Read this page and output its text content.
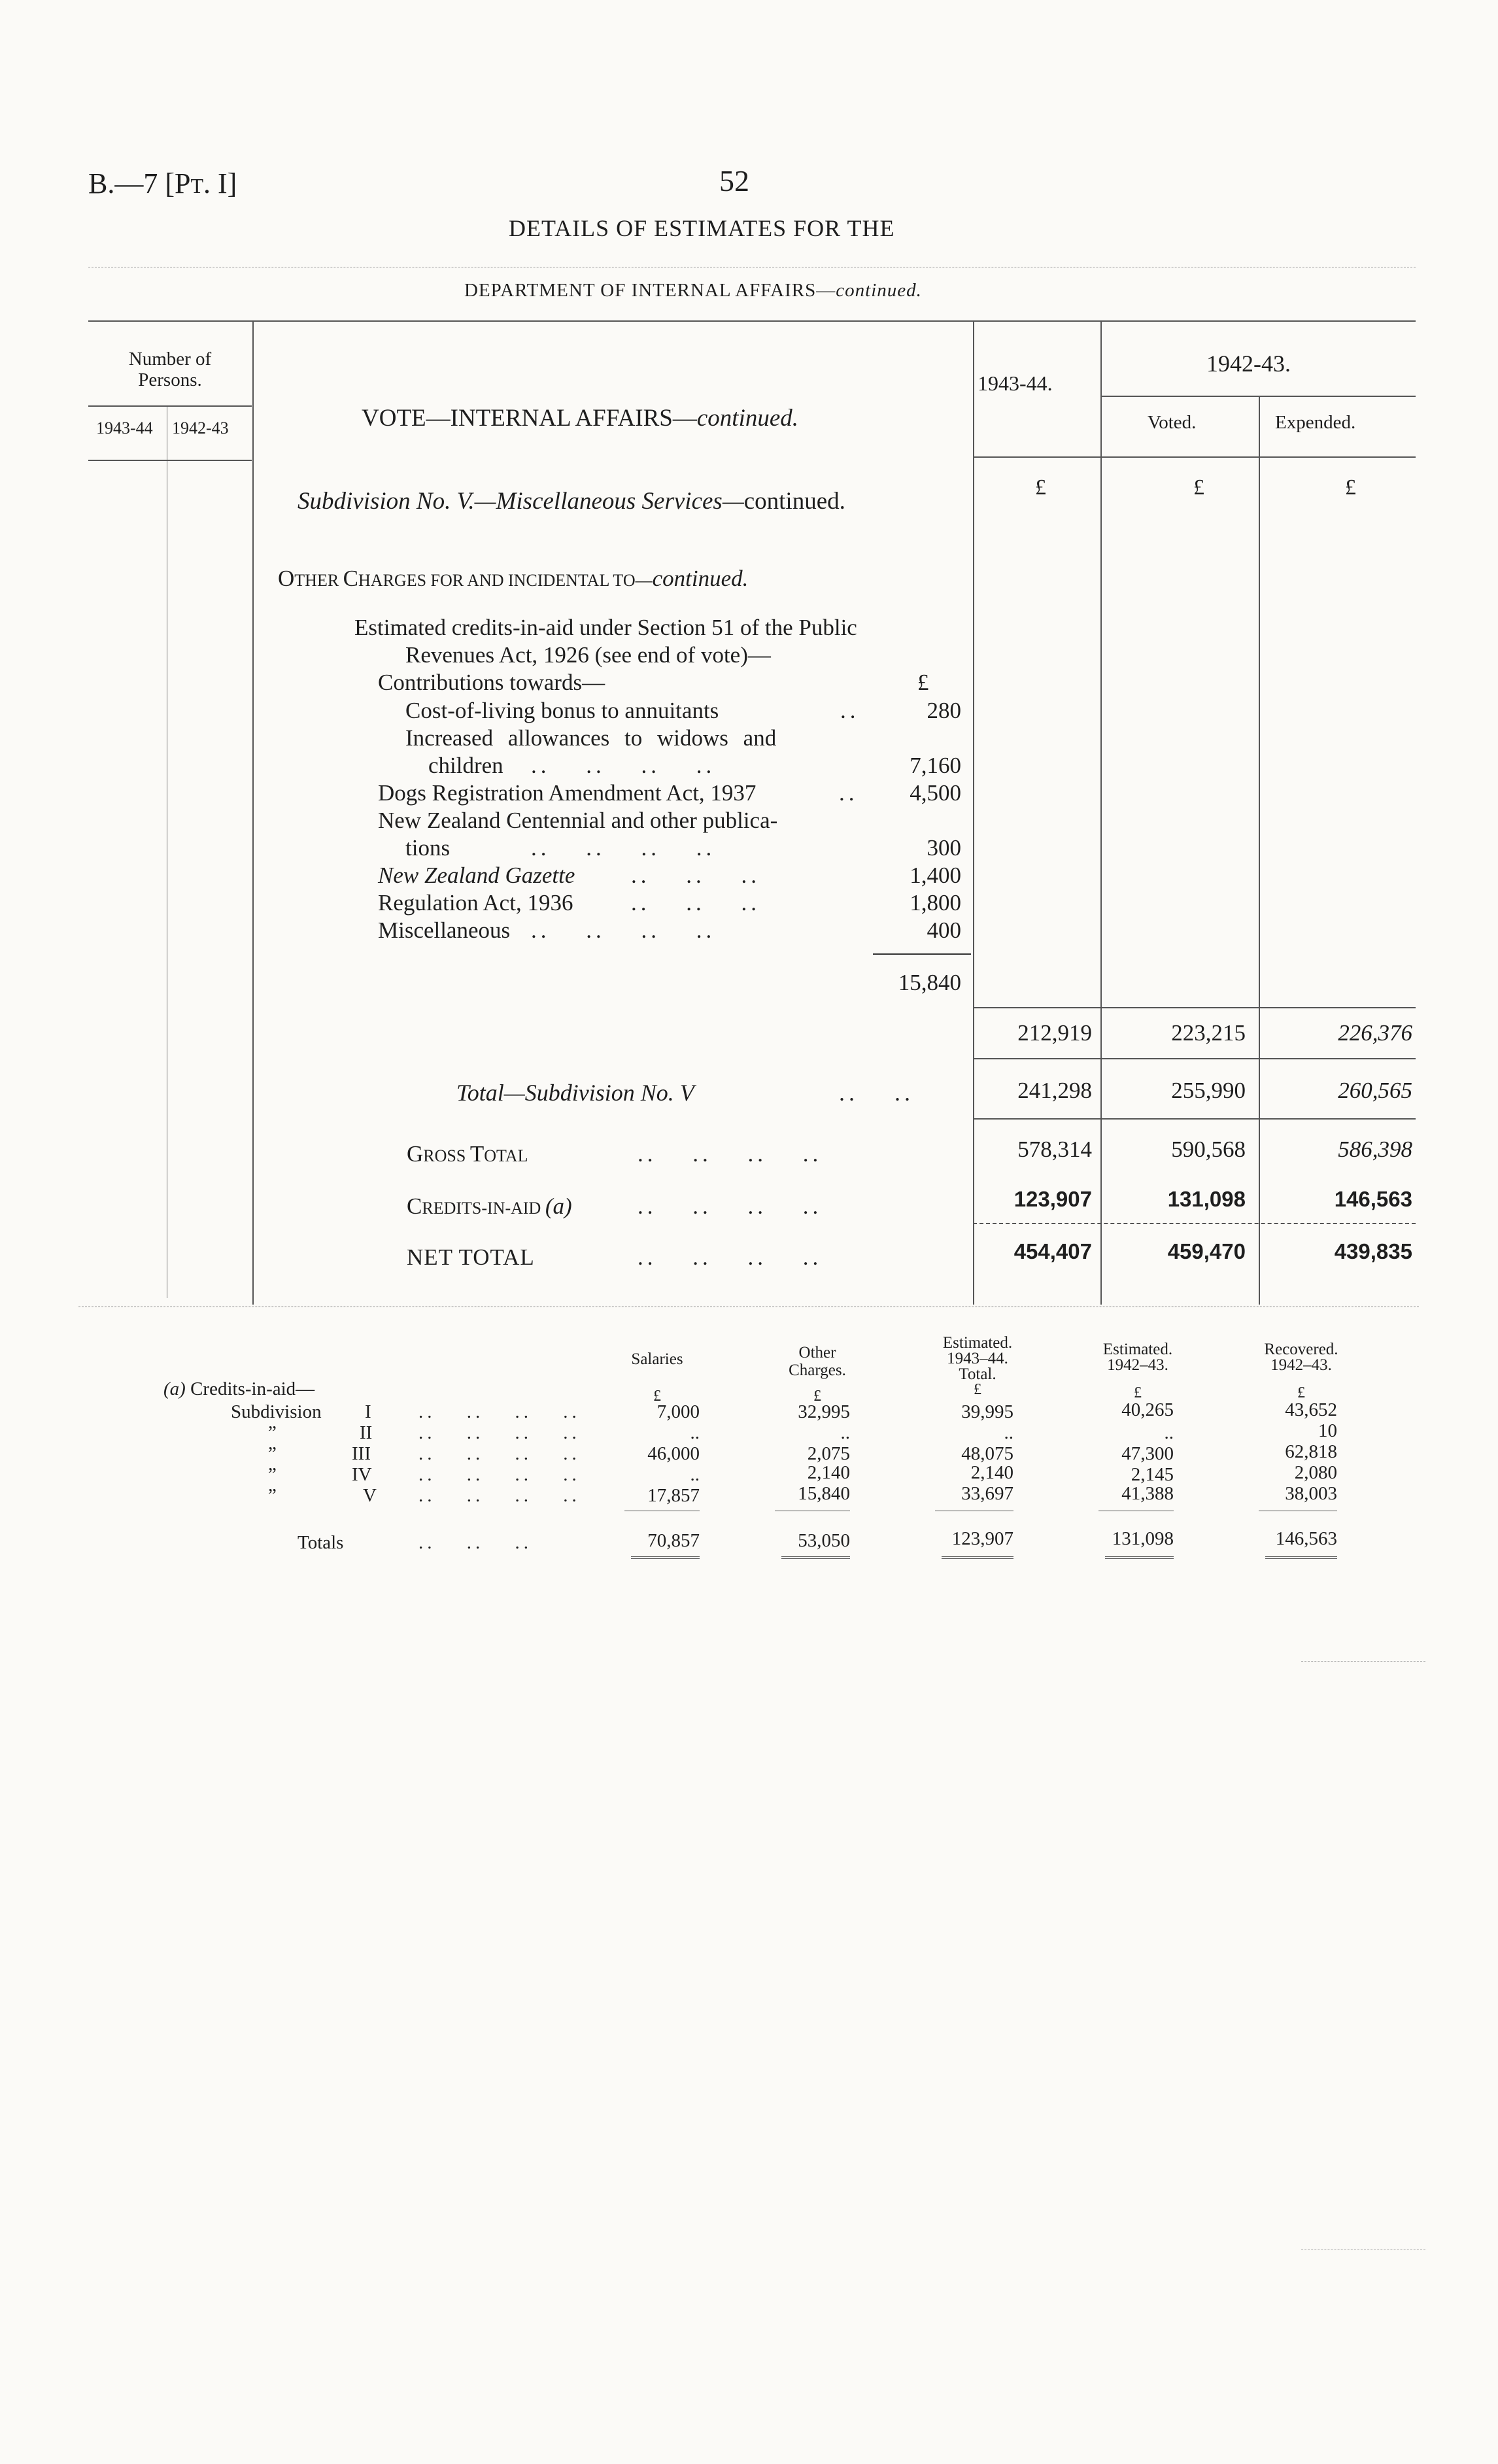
B.—7 [PT. I]	52
DETAILS OF ESTIMATES FOR THE
DEPARTMENT OF INTERNAL AFFAIRS—continued.
Number of Persons.
1943-44 1942-43
1943-44.
1942-43.
Voted.	Expended.
VOTE—INTERNAL AFFAIRS—continued.
Subdivision No. V.—Miscellaneous Services—continued.
£	£	£
OTHER CHARGES FOR AND INCIDENTAL TO—continued.
Estimated credits-in-aid under Section 51 of the Public
Revenues Act, 1926 (see end of vote)—
Contributions towards—	£
Cost-of-living bonus to annuitants	..	280
Increased allowances to widows and
children .. .. .. ..	7,160
Dogs Registration Amendment Act, 1937	..	4,500
New Zealand Centennial and other publica-
tions	.. .. .. ..	300
New Zealand Gazette .. .. ..	1,400
Regulation Act, 1936	.. .. ..	1,800
Miscellaneous .. .. .. ..	400
15,840
212,919	223,215	226,376
Total—Subdivision No. V	.. ..	241,298	255,990	260,565
GROSS TOTAL	.. .. .. ..	578,314	590,568	586,398
CREDITS-IN-AID (a)	.. .. .. ..	123,907	131,098	146,563
NET TOTAL	.. .. .. ..	454,407	459,470	439,835
Salaries	Other
Charges.
Estimated.
1943–44.
Total.
Estimated.
1942–43.
Recovered.
1942–43.
(a) Credits-in-aid—	£	£	£	£	£
Subdivision I .. .. .. ..	7,000	32,995	39,995	40,265	43,652
”	II .. .. .. ..	..	..	..	..	10
”	III	.. .. .. ..	46,000	2,075	48,075	47,300	62,818
”	IV .. .. .. ..	..	2,140	2,140	2,145	2,080
”	V .. .. .. ..	17,857	15,840	33,697	41,388	38,003
Totals	.. .. ..	70,857	53,050	123,907	131,098	146,563
